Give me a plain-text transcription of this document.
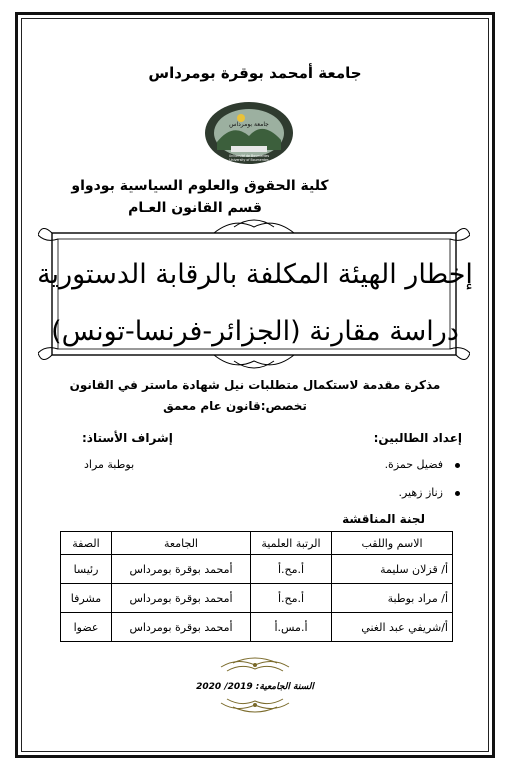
جامعة أمحمد بوقرة بومرداس
جامعة بومرداس
Université de Boumerdes
University of Boumerdes
كلية الحقوق والعلوم السياسية بودواو
قسم القانون العـام
إخطار الهيئة المكلفة بالرقابة الدستورية
دراسة مقارنة (الجزائر-فرنسا-تونس)
مذكرة مقدمة لاستكمال متطلبات نيل شهادة ماستر في القانون
تخصص:قانون عام معمق
إعداد الطالبين:
إشراف الأستاذ:
بوطبة مراد	فضيل حمزة.
زناز زهير.
لجنة المناقشة
الاسم واللقب	الرتبة العلمية	الجامعة	الصفة
أ/ قزلان سليمة	أ.مح.أ	أمحمد بوقرة بومرداس	رئيسا
أ/ مراد بوطبة	أ.مح.أ	أمحمد بوقرة بومرداس	مشرفا
أ/شريفي عبد الغني	أ.مس.أ	أمحمد بوقرة بومرداس	عضوا
السنة الجامعية: 2019/ 2020
